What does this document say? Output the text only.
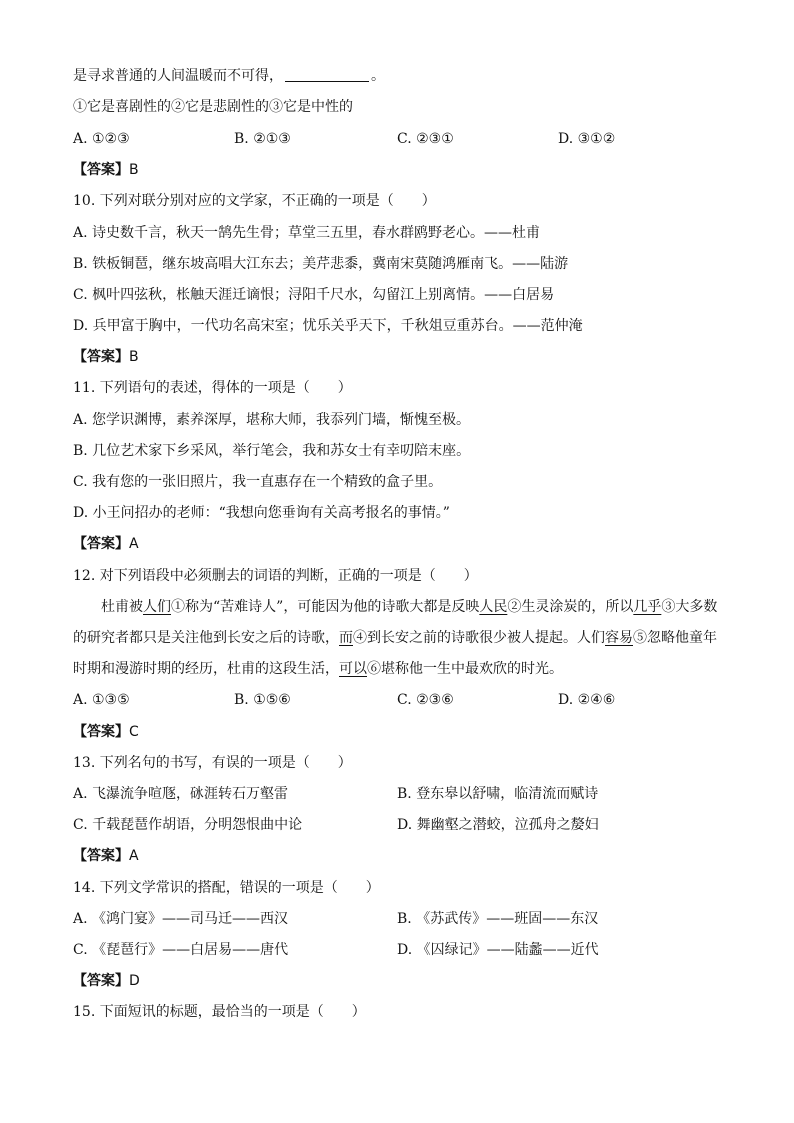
是寻求普通的人间温暖而不可得，	。
①它是喜剧性的②它是悲剧性的③它是中性的
A. ①②③	B. ②①③	C. ②③①	D. ③①②
【答案】B
10. 下列对联分别对应的文学家，不正确的一项是（　　）
A. 诗史数千言，秋天一鹄先生骨；草堂三五里，春水群鸥野老心。——杜甫
B. 铁板铜琶，继东坡高唱大江东去；美芹悲黍，冀南宋莫随鸿雁南飞。——陆游
C. 枫叶四弦秋，枨触天涯迁谪恨；浔阳千尺水，勾留江上别离情。——白居易
D. 兵甲富于胸中，一代功名高宋室；忧乐关乎天下，千秋俎豆重苏台。——范仲淹
【答案】B
11. 下列语句的表述，得体的一项是（　　）
A. 您学识渊博，素养深厚，堪称大师，我忝列门墙，惭愧至极。
B. 几位艺术家下乡采风，举行笔会，我和苏女士有幸叨陪末座。
C. 我有您的一张旧照片，我一直惠存在一个精致的盒子里。
D. 小王问招办的老师：“我想向您垂询有关高考报名的事情。”
【答案】A
12. 对下列语段中必须删去的词语的判断，正确的一项是（　　）
杜甫被人们①称为“苦难诗人”，可能因为他的诗歌大都是反映人民②生灵涂炭的，所以几乎③大多数
的研究者都只是关注他到长安之后的诗歌，而④到长安之前的诗歌很少被人提起。人们容易⑤忽略他童年
时期和漫游时期的经历，杜甫的这段生活，可以⑥堪称他一生中最欢欣的时光。
A. ①③⑤	B. ①⑤⑥	C. ②③⑥	D. ②④⑥
【答案】C
13. 下列名句的书写，有误的一项是（　　）
A. 飞瀑流争喧豗，砯涯转石万壑雷	B. 登东皋以舒啸，临清流而赋诗
C. 千载琵琶作胡语，分明怨恨曲中论	D. 舞幽壑之潜蛟，泣孤舟之嫠妇
【答案】A
14. 下列文学常识的搭配，错误的一项是（　　）
A. 《鸿门宴》——司马迁——西汉	B. 《苏武传》——班固——东汉
C. 《琵琶行》——白居易——唐代	D. 《囚绿记》——陆蠡——近代
【答案】D
15. 下面短讯的标题，最恰当的一项是（　　）
